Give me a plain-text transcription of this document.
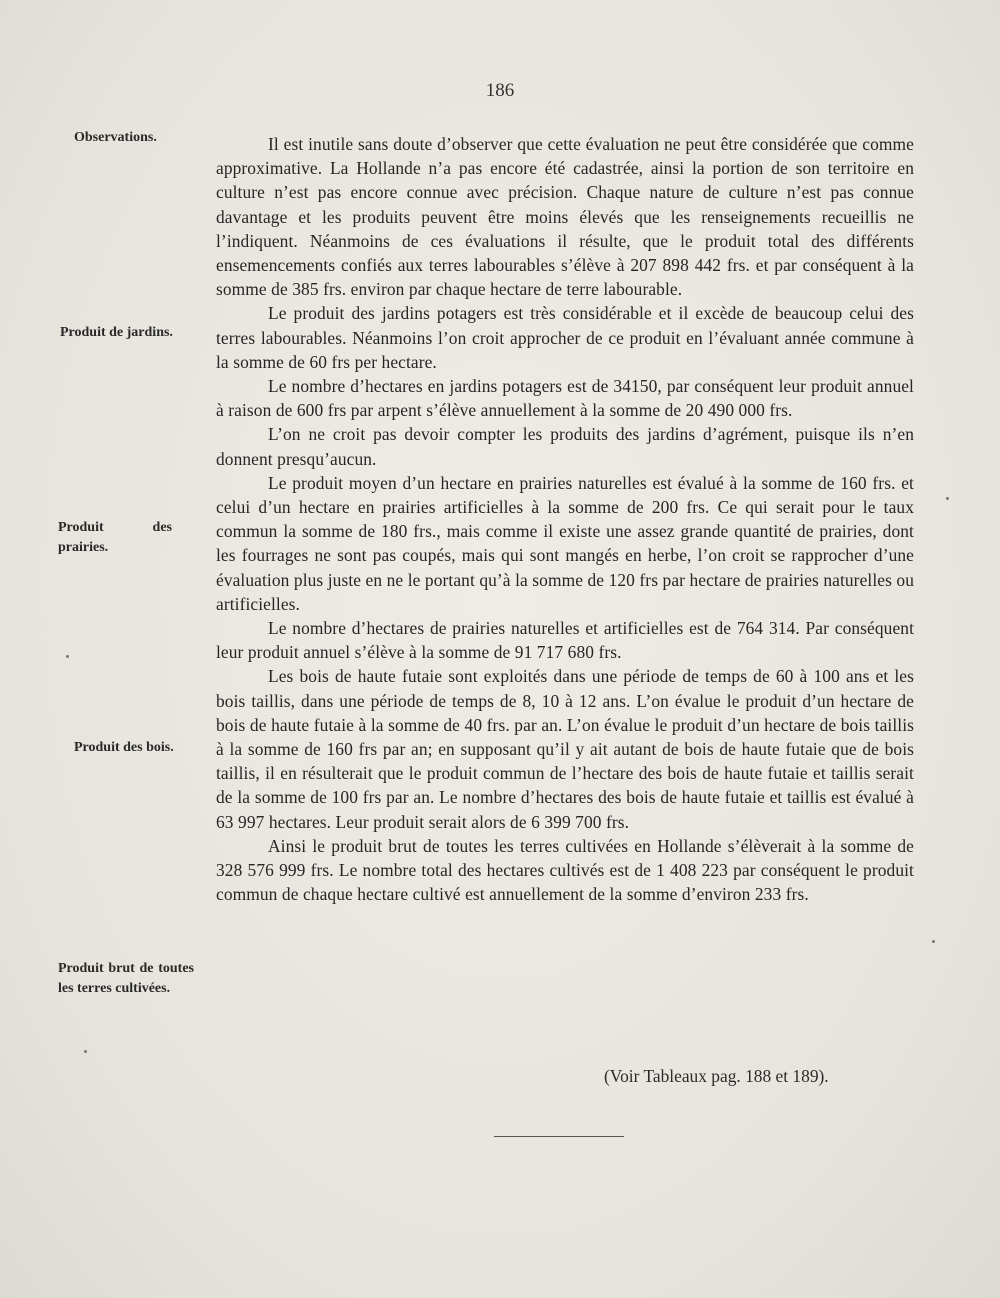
186
Observations.
Produit de jardins.
Produit des prairies.
Produit des bois.
Produit brut de toutes les terres cultivées.

Il est inutile sans doute d’observer que cette évaluation ne peut être considérée que comme approximative. La Hollande n’a pas encore été cadastrée, ainsi la portion de son territoire en culture n’est pas encore connue avec précision. Chaque nature de culture n’est pas connue davantage et les produits peuvent être moins élevés que les renseignements recueillis ne l’indiquent. Néanmoins de ces évaluations il résulte, que le produit total des différents ensemencements confiés aux terres labourables s’élève à 207 898 442 frs. et par conséquent à la somme de 385 frs. environ par chaque hectare de terre labourable.

Le produit des jardins potagers est très considérable et il excède de beaucoup celui des terres labourables. Néanmoins l’on croit approcher de ce produit en l’évaluant année commune à la somme de 60 frs per hectare.

Le nombre d’hectares en jardins potagers est de 34150, par conséquent leur produit annuel à raison de 600 frs par arpent s’élève annuellement à la somme de 20 490 000 frs.

L’on ne croit pas devoir compter les produits des jardins d’agrément, puisque ils n’en donnent presqu’aucun.

Le produit moyen d’un hectare en prairies naturelles est évalué à la somme de 160 frs. et celui d’un hectare en prairies artificielles à la somme de 200 frs. Ce qui serait pour le taux commun la somme de 180 frs., mais comme il existe une assez grande quantité de prairies, dont les fourrages ne sont pas coupés, mais qui sont mangés en herbe, l’on croit se rapprocher d’une évaluation plus juste en ne le portant qu’à la somme de 120 frs par hectare de prairies naturelles ou artificielles.

Le nombre d’hectares de prairies naturelles et artificielles est de 764 314. Par conséquent leur produit annuel s’élève à la somme de 91 717 680 frs.

Les bois de haute futaie sont exploités dans une période de temps de 60 à 100 ans et les bois taillis, dans une période de temps de 8, 10 à 12 ans. L’on évalue le produit d’un hectare de bois de haute futaie à la somme de 40 frs. par an. L’on évalue le produit d’un hectare de bois taillis à la somme de 160 frs par an; en supposant qu’il y ait autant de bois de haute futaie que de bois taillis, il en résulterait que le produit commun de l’hectare des bois de haute futaie et taillis serait de la somme de 100 frs par an. Le nombre d’hectares des bois de haute futaie et taillis est évalué à 63 997 hectares. Leur produit serait alors de 6 399 700 frs.

Ainsi le produit brut de toutes les terres cultivées en Hollande s’élèverait à la somme de 328 576 999 frs. Le nombre total des hectares cultivés est de 1 408 223 par conséquent le produit commun de chaque hectare cultivé est annuellement de la somme d’environ 233 frs.

(Voir Tableaux pag. 188 et 189).
